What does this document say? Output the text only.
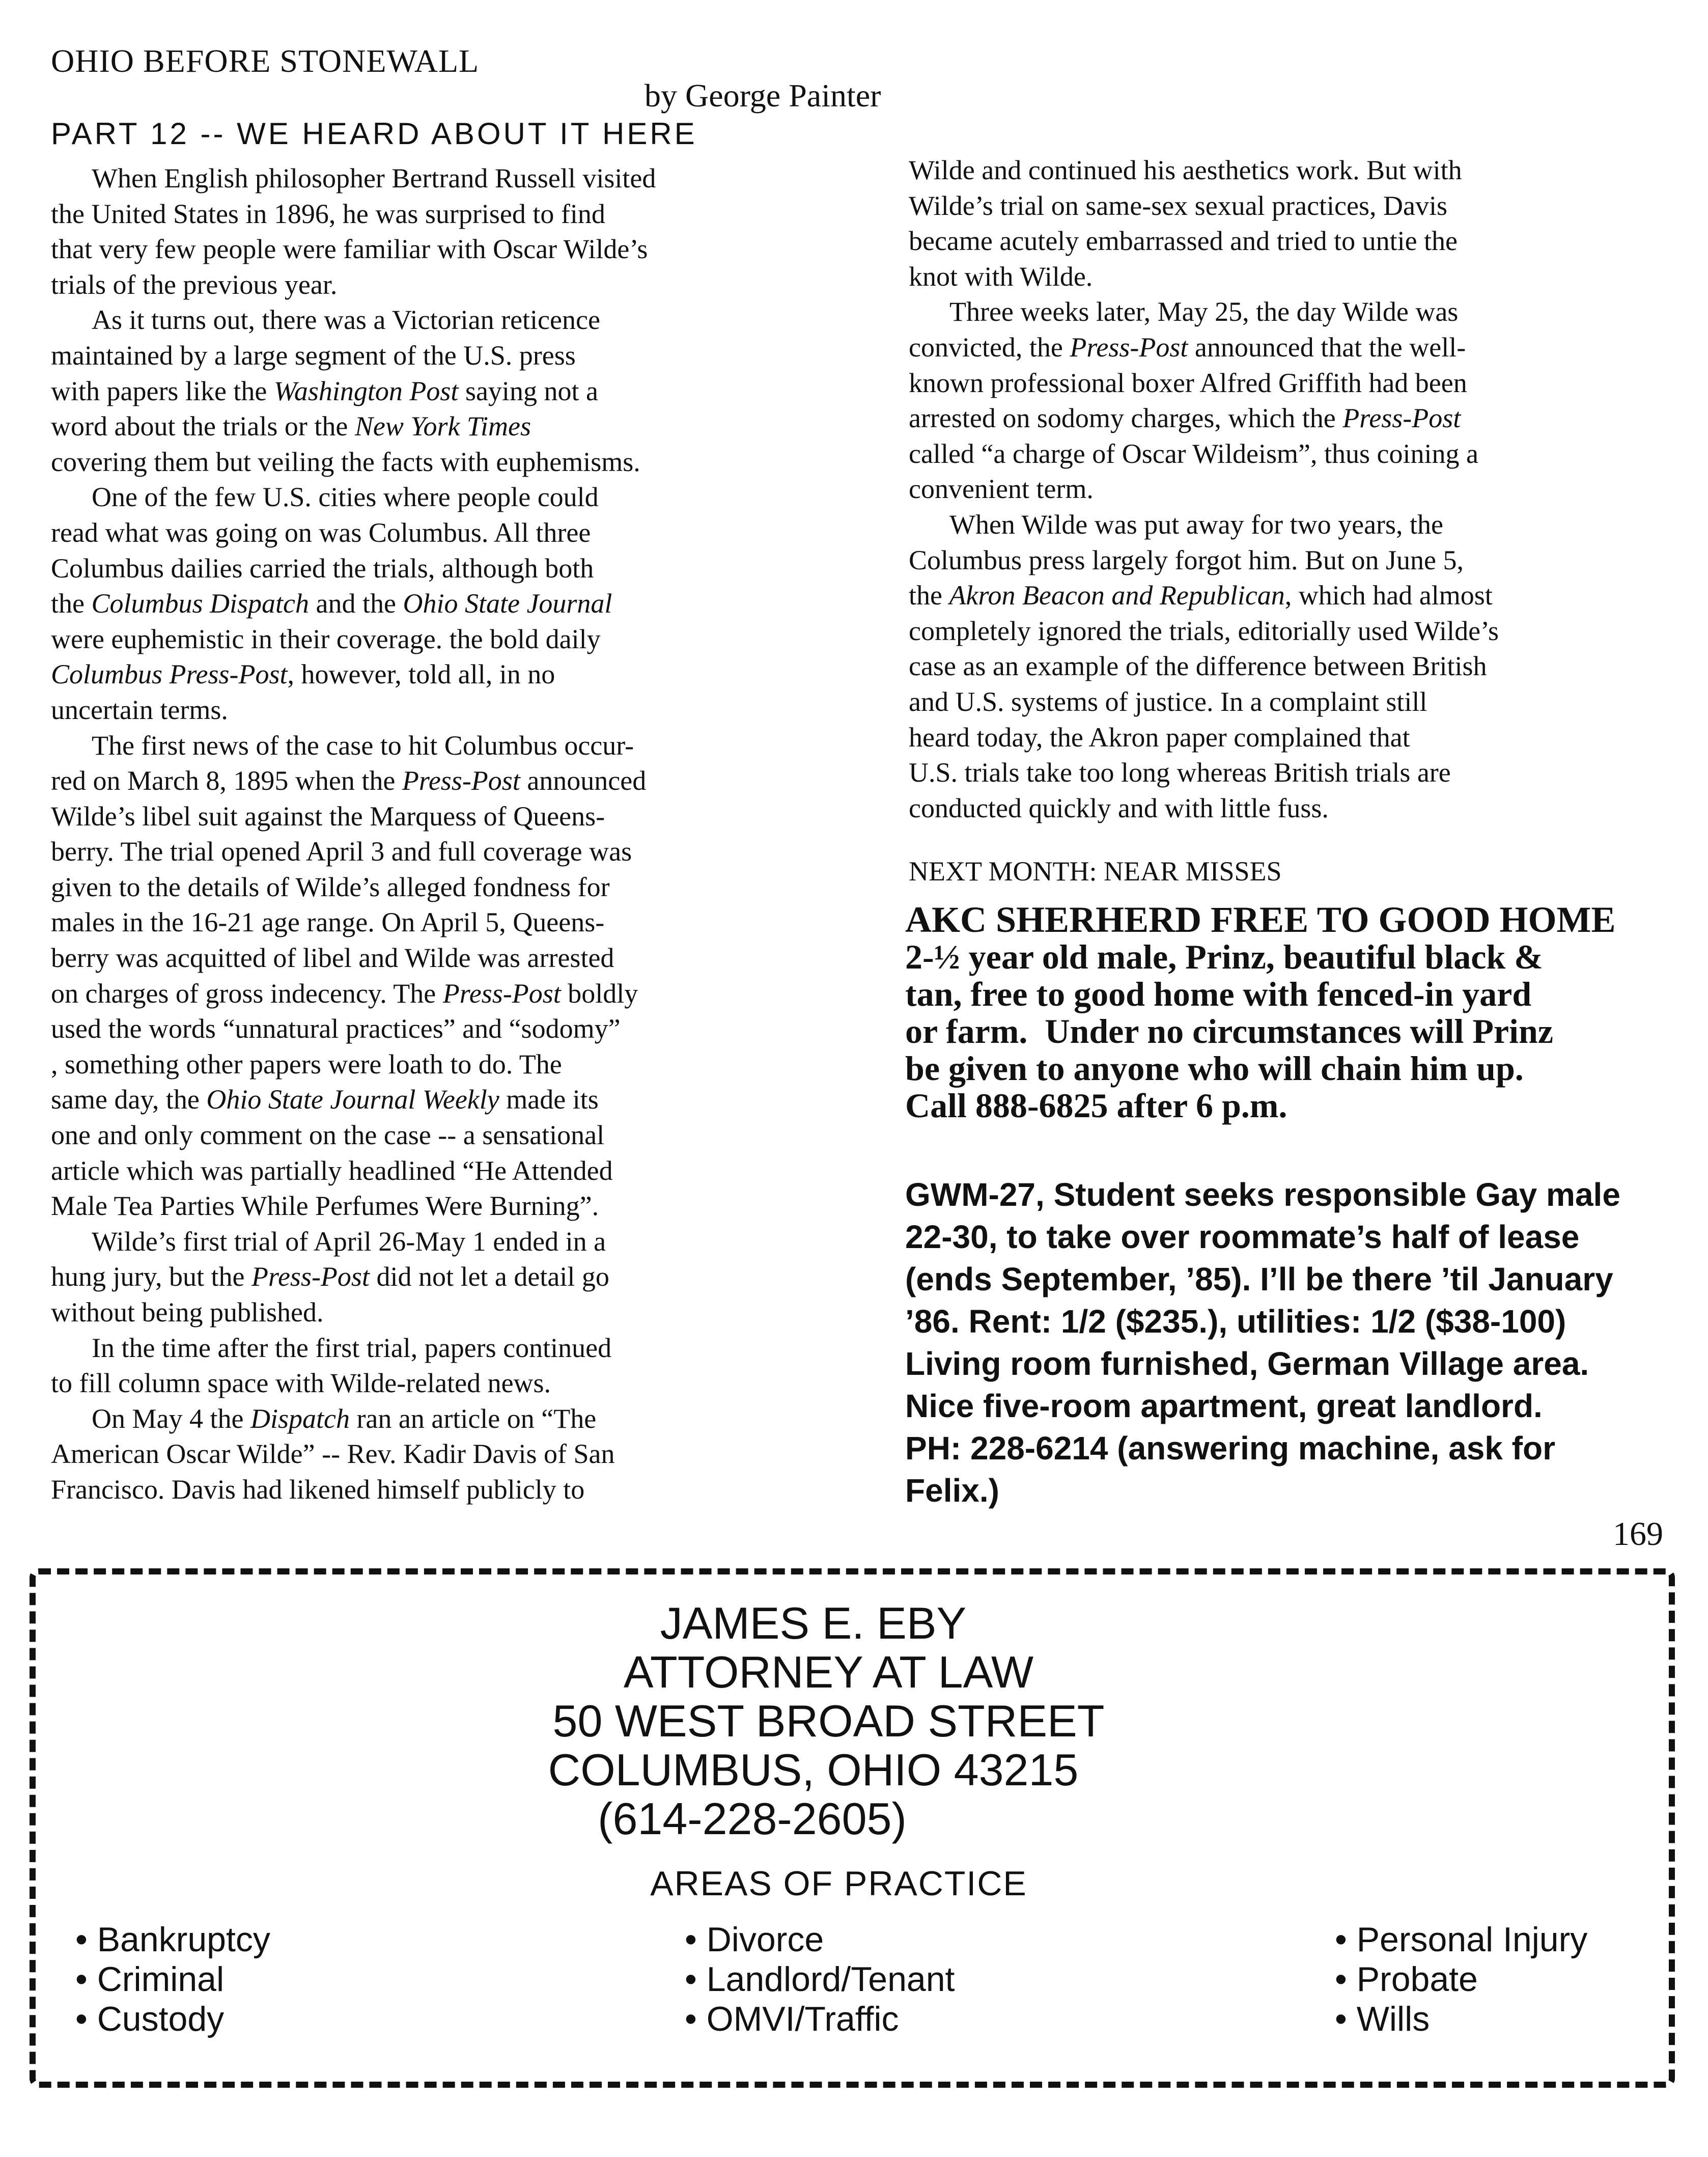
OHIO BEFORE STONEWALL
by George Painter
PART 12 -- WE HEARD ABOUT IT HERE

When English philosopher Bertrand Russell visited
the United States in 1896, he was surprised to find
that very few people were familiar with Oscar Wilde’s
trials of the previous year.

As it turns out, there was a Victorian reticence
maintained by a large segment of the U.S. press
with papers like the Washington Post saying not a
word about the trials or the New York Times
covering them but veiling the facts with euphemisms.

One of the few U.S. cities where people could
read what was going on was Columbus. All three
Columbus dailies carried the trials, although both
the Columbus Dispatch and the Ohio State Journal
were euphemistic in their coverage. the bold daily
Columbus Press-Post, however, told all, in no
uncertain terms.

The first news of the case to hit Columbus occur-
red on March 8, 1895 when the Press-Post announced
Wilde’s libel suit against the Marquess of Queens-
berry. The trial opened April 3 and full coverage was
given to the details of Wilde’s alleged fondness for
males in the 16-21 age range. On April 5, Queens-
berry was acquitted of libel and Wilde was arrested
on charges of gross indecency. The Press-Post boldly
used the words “unnatural practices” and “sodomy”
, something other papers were loath to do. The
same day, the Ohio State Journal Weekly made its
one and only comment on the case -- a sensational
article which was partially headlined “He Attended
Male Tea Parties While Perfumes Were Burning”.

Wilde’s first trial of April 26-May 1 ended in a
hung jury, but the Press-Post did not let a detail go
without being published.

In the time after the first trial, papers continued
to fill column space with Wilde-related news.

On May 4 the Dispatch ran an article on “The
American Oscar Wilde” -- Rev. Kadir Davis of San
Francisco. Davis had likened himself publicly to

Wilde and continued his aesthetics work. But with
Wilde’s trial on same-sex sexual practices, Davis
became acutely embarrassed and tried to untie the
knot with Wilde.

Three weeks later, May 25, the day Wilde was
convicted, the Press-Post announced that the well-
known professional boxer Alfred Griffith had been
arrested on sodomy charges, which the Press-Post
called “a charge of Oscar Wildeism”, thus coining a
convenient term.

When Wilde was put away for two years, the
Columbus press largely forgot him. But on June 5,
the Akron Beacon and Republican, which had almost
completely ignored the trials, editorially used Wilde’s
case as an example of the difference between British
and U.S. systems of justice. In a complaint still
heard today, the Akron paper complained that
U.S. trials take too long whereas British trials are
conducted quickly and with little fuss.

NEXT MONTH: NEAR MISSES
AKC SHERHERD FREE TO GOOD HOME
2-½ year old male, Prinz, beautiful black &
tan, free to good home with fenced-in yard
or farm.  Under no circumstances will Prinz
be given to anyone who will chain him up.
Call 888-6825 after 6 p.m.
GWM-27, Student seeks responsible Gay male
22-30, to take over roommate’s half of lease
(ends September, ’85). I’ll be there ’til January
’86. Rent: 1/2 ($235.), utilities: 1/2 ($38-100)
Living room furnished, German Village area.
Nice five-room apartment, great landlord.
PH: 228-6214 (answering machine, ask for
Felix.)
169
JAMES E. EBY
ATTORNEY AT LAW
50 WEST BROAD STREET
COLUMBUS, OHIO 43215
(614-228-2605)
AREAS OF PRACTICE
• Bankruptcy
• Criminal
• Custody
• Divorce
• Landlord/Tenant
• OMVI/Traffic
• Personal Injury
• Probate
• Wills
